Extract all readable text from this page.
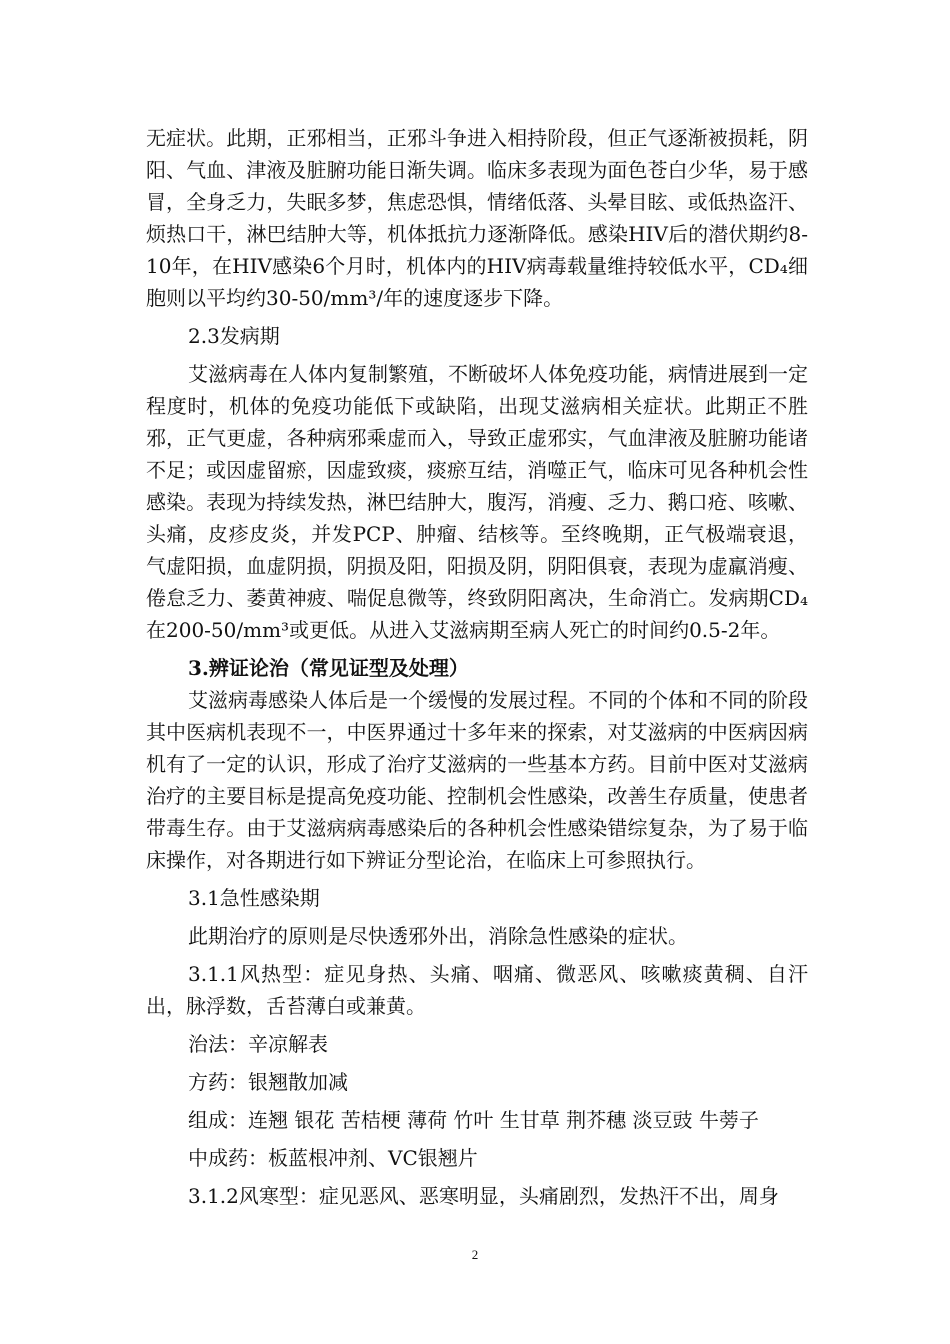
无症状。此期，正邪相当，正邪斗争进入相持阶段，但正气逐渐被损耗，阴阳、气血、津液及脏腑功能日渐失调。临床多表现为面色苍白少华，易于感冒，全身乏力，失眠多梦，焦虑恐惧，情绪低落、头晕目眩、或低热盗汗、烦热口干，淋巴结肿大等，机体抵抗力逐渐降低。感染HIV后的潜伏期约8-10年，在HIV感染6个月时，机体内的HIV病毒载量维持较低水平，CD₄细胞则以平均约30-50/mm³/年的速度逐步下降。

2.3发病期

艾滋病毒在人体内复制繁殖，不断破坏人体免疫功能，病情进展到一定程度时，机体的免疫功能低下或缺陷，出现艾滋病相关症状。此期正不胜邪，正气更虚，各种病邪乘虚而入，导致正虚邪实，气血津液及脏腑功能诸不足；或因虚留瘀，因虚致痰，痰瘀互结，消噬正气，临床可见各种机会性感染。表现为持续发热，淋巴结肿大，腹泻，消瘦、乏力、鹅口疮、咳嗽、头痛，皮疹皮炎，并发PCP、肿瘤、结核等。至终晚期，正气极端衰退，气虚阳损，血虚阴损，阴损及阳，阳损及阴，阴阳俱衰，表现为虚羸消瘦、倦怠乏力、萎黄神疲、喘促息微等，终致阴阳离决，生命消亡。发病期CD₄在200-50/mm³或更低。从进入艾滋病期至病人死亡的时间约0.5-2年。

3.辨证论治（常见证型及处理）

艾滋病毒感染人体后是一个缓慢的发展过程。不同的个体和不同的阶段其中医病机表现不一，中医界通过十多年来的探索，对艾滋病的中医病因病机有了一定的认识，形成了治疗艾滋病的一些基本方药。目前中医对艾滋病治疗的主要目标是提高免疫功能、控制机会性感染，改善生存质量，使患者带毒生存。由于艾滋病病毒感染后的各种机会性感染错综复杂，为了易于临床操作，对各期进行如下辨证分型论治，在临床上可参照执行。

3.1急性感染期

此期治疗的原则是尽快透邪外出，消除急性感染的症状。

3.1.1风热型：症见身热、头痛、咽痛、微恶风、咳嗽痰黄稠、自汗出，脉浮数，舌苔薄白或兼黄。

治法：辛凉解表

方药：银翘散加减

组成：连翘 银花 苦桔梗 薄荷 竹叶 生甘草 荆芥穗 淡豆豉 牛蒡子

中成药：板蓝根冲剂、VC银翘片

3.1.2风寒型：症见恶风、恶寒明显，头痛剧烈，发热汗不出，周身

2
